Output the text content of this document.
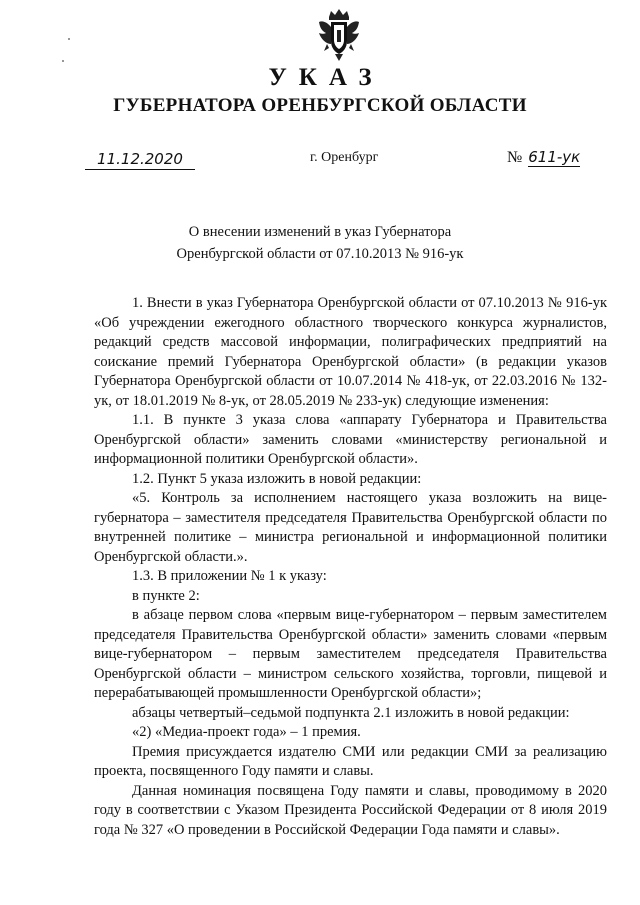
УКАЗ
ГУБЕРНАТОРА ОРЕНБУРГСКОЙ ОБЛАСТИ
11.12.2020	г. Оренбург	№ 611-ук
О внесении изменений в указ Губернатора
Оренбургской области от 07.10.2013 № 916-ук

1. Внести в указ Губернатора Оренбургской области от 07.10.2013 № 916-ук «Об учреждении ежегодного областного творческого конкурса журналистов, редакций средств массовой информации, полиграфических предприятий на соискание премий Губернатора Оренбургской области» (в редакции указов Губернатора Оренбургской области от 10.07.2014 № 418-ук, от 22.03.2016 № 132-ук, от 18.01.2019 № 8-ук, от 28.05.2019 № 233-ук) следующие изменения:

1.1. В пункте 3 указа слова «аппарату Губернатора и Правительства Оренбургской области» заменить словами «министерству региональной и информационной политики Оренбургской области».

1.2. Пункт 5 указа изложить в новой редакции:

«5. Контроль за исполнением настоящего указа возложить на вице-губернатора – заместителя председателя Правительства Оренбургской области по внутренней политике – министра региональной и информационной политики Оренбургской области.».

1.3. В приложении № 1 к указу:

в пункте 2:

в абзаце первом слова «первым вице-губернатором – первым заместителем председателя Правительства Оренбургской области» заменить словами «первым вице-губернатором – первым заместителем председателя Правительства Оренбургской области – министром сельского хозяйства, торговли, пищевой и перерабатывающей промышленности Оренбургской области»;

абзацы четвертый–седьмой подпункта 2.1 изложить в новой редакции:

«2) «Медиа-проект года» – 1 премия.

Премия присуждается издателю СМИ или редакции СМИ за реализацию проекта, посвященного Году памяти и славы.

Данная номинация посвящена Году памяти и славы, проводимому в 2020 году в соответствии с Указом Президента Российской Федерации от 8 июля 2019 года № 327 «О проведении в Российской Федерации Года памяти и славы».
